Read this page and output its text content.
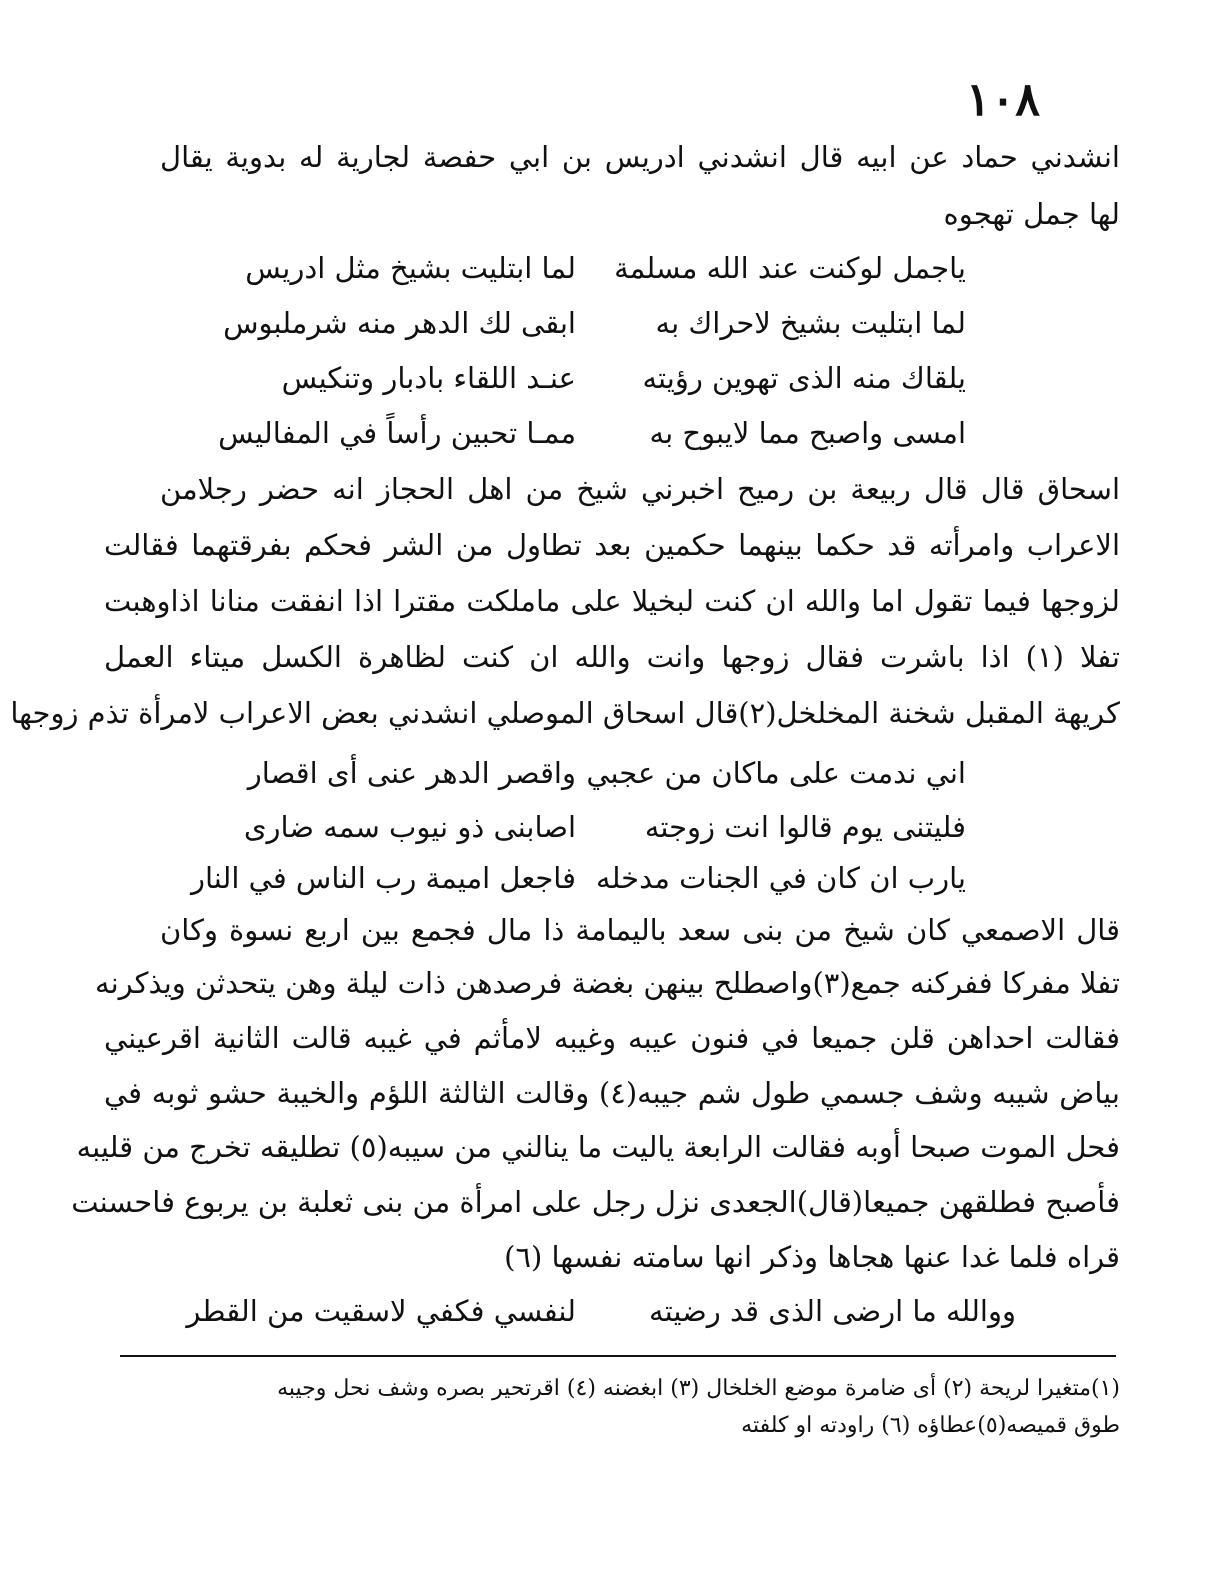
١٠٨
انشدني حماد عن ابيه قال انشدني ادريس بن ابي حفصة لجارية له بدوية يقال
لها جمل تهجوه
ياجمل لوكنت عند الله مسلمة
لما ابتليت بشيخ مثل ادريس
لما ابتليت بشيخ لاحراك به
ابقى لك الدهر منه شرملبوس
يلقاك منه الذى تهوين رؤيته
عنـد اللقاء بادبار وتنكيس
امسى واصبح مما لايبوح به
ممـا تحبين رأساً في المفاليس
اسحاق قال قال ربيعة بن رميح اخبرني شيخ من اهل الحجاز انه حضر رجلامن
الاعراب وامرأته قد حكما بينهما حكمين بعد تطاول من الشر فحكم بفرقتهما فقالت
لزوجها فيما تقول اما والله ان كنت لبخيلا على ماملكت مقترا اذا انفقت منانا اذاوهبت
تفلا (١) اذا باشرت فقال زوجها وانت والله ان كنت لظاهرة الكسل ميتاء العمل
كريهة المقبل شخنة المخلخل(٢)قال اسحاق الموصلي انشدني بعض الاعراب لامرأة تذم زوجها
اني ندمت على ماكان من عجبي
واقصر الدهر عنى أى اقصار
فليتنى يوم قالوا انت زوجته
اصابنى ذو نيوب سمه ضارى
يارب ان كان في الجنات مدخله
فاجعل اميمة رب الناس في النار
قال الاصمعي كان شيخ من بنى سعد باليمامة ذا مال فجمع بين اربع نسوة وكان
تفلا مفركا ففركنه جمع(٣)واصطلح بينهن بغضة فرصدهن ذات ليلة وهن يتحدثن ويذكرنه
فقالت احداهن قلن جميعا في فنون عيبه وغيبه لامأثم في غيبه قالت الثانية اقرعيني
بياض شيبه وشف جسمي طول شم جيبه(٤) وقالت الثالثة اللؤم والخيبة حشو ثوبه في
فحل الموت صبحا أوبه فقالت الرابعة ياليت ما ينالني من سيبه(٥) تطليقه تخرج من قليبه
فأصبح فطلقهن جميعا(قال)الجعدى نزل رجل على امرأة من بنى ثعلبة بن يربوع فاحسنت
قراه فلما غدا عنها هجاها وذكر انها سامته نفسها (٦)
ووالله ما ارضى الذى قد رضيته
لنفسي فكفي لاسقيت من القطر
(١)متغيرا لريحة (٢) أى ضامرة موضع الخلخال (٣) ابغضنه (٤) اقرتحير بصره وشف نحل وجيبه
طوق قميصه(٥)عطاؤه (٦) راودته او كلفته
